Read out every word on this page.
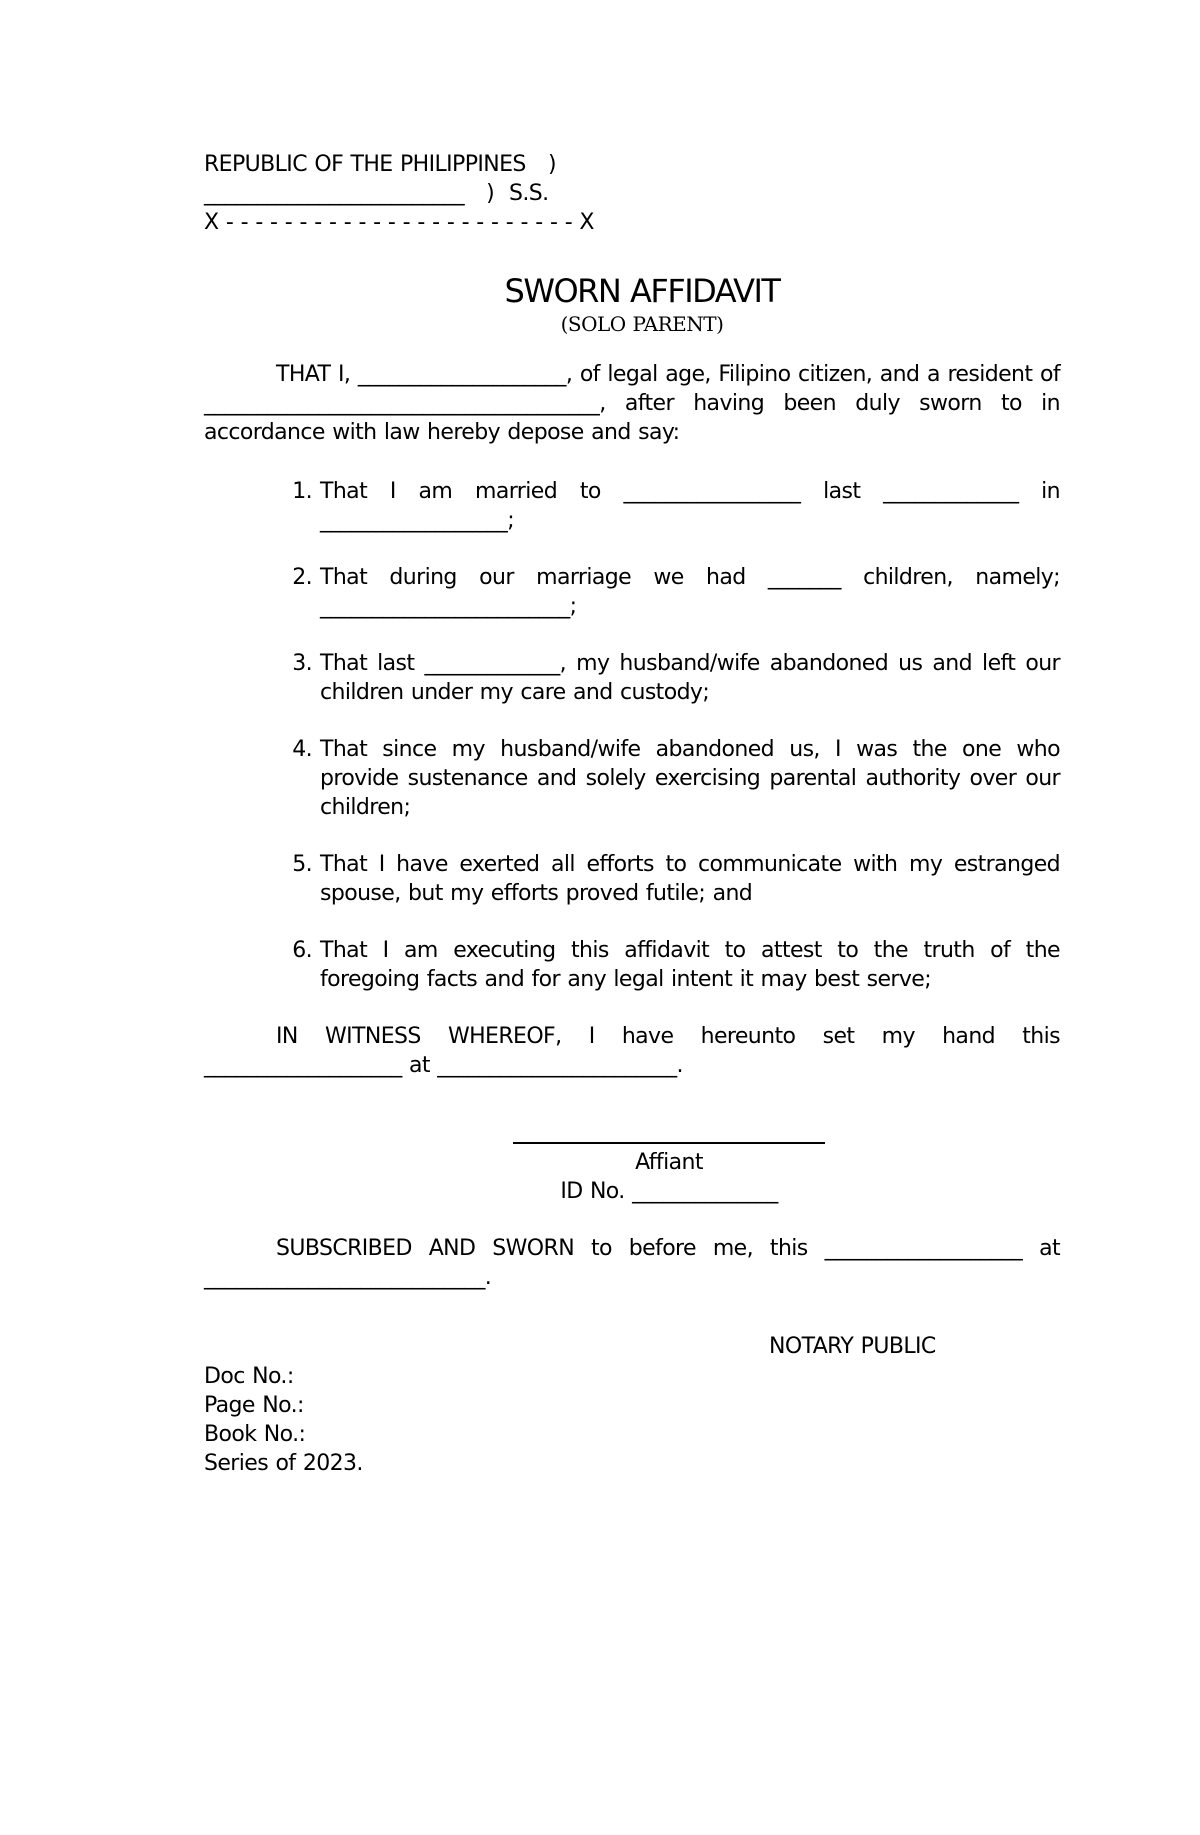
REPUBLIC OF THE PHILIPPINES   )

_________________________   )  S.S.

X - - - - - - - - - - - - - - - - - - - - - - - - X

SWORN AFFIDAVIT
(SOLO PARENT)

THAT I, ____________________, of legal age, Filipino citizen, and a resident of ______________________________________, after having been duly sworn to in accordance with law hereby depose and say:

1. That I am married to _________________ last _____________ in __________________;
2. That during our marriage we had _______ children, namely; ________________________;
3. That last _____________, my husband/wife abandoned us and left our children under my care and custody;
4. That since my husband/wife abandoned us, I was the one who provide sustenance and solely exercising parental authority over our children;
5. That I have exerted all efforts to communicate with my estranged spouse, but my efforts proved futile; and
6. That I am executing this affidavit to attest to the truth of the foregoing facts and for any legal intent it may best serve;

IN WITNESS WHEREOF, I have hereunto set my hand this ___________________ at _______________________.

Affiant
ID No. ______________

SUBSCRIBED AND SWORN to before me, this ___________________ at ___________________________.

NOTARY PUBLIC
Doc No.:
Page No.:
Book No.:
Series of 2023.
